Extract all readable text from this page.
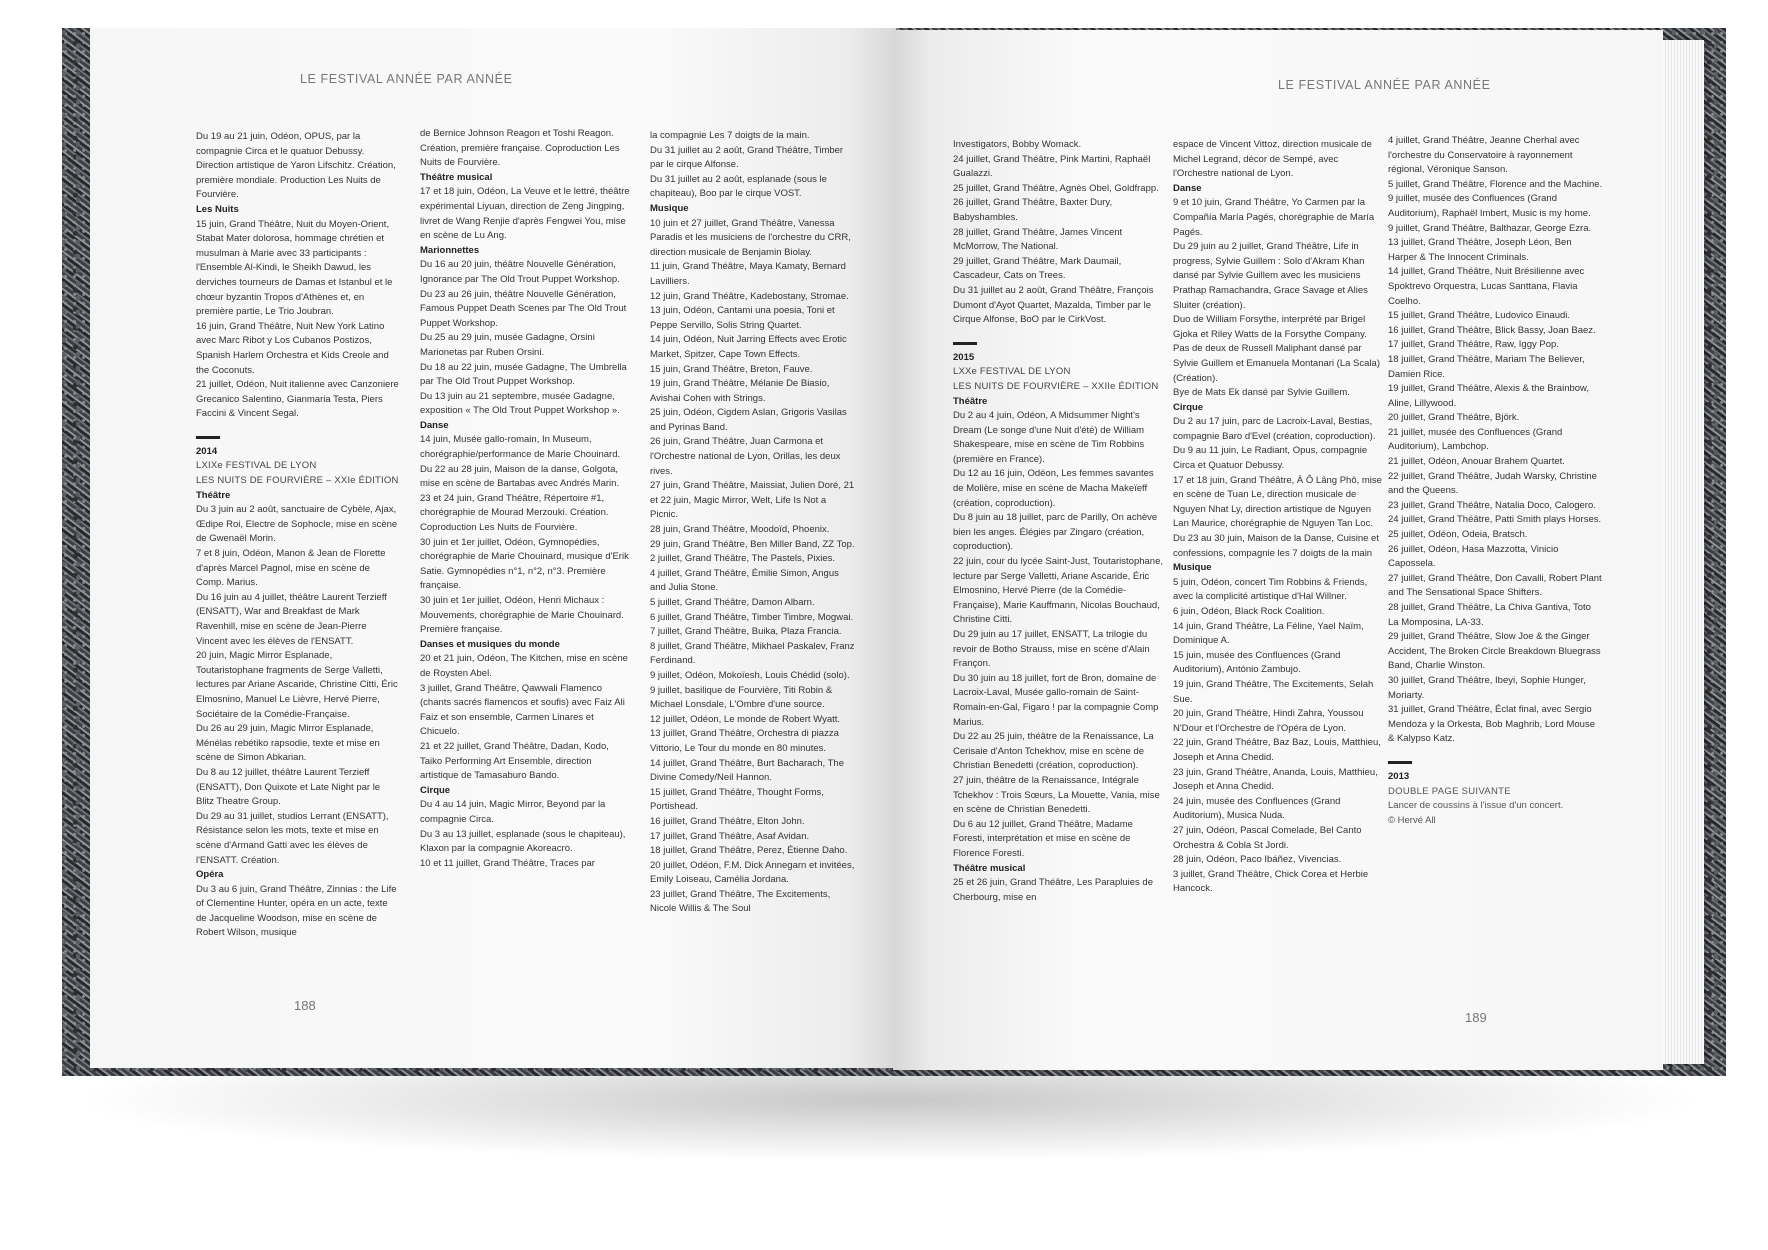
LE FESTIVAL ANNÉE PAR ANNÉE
Du 19 au 21 juin, Odéon, OPUS, par la compagnie Circa et le quatuor Debussy. Direction artistique de Yaron Lifschitz. Création, première mondiale. Production Les Nuits de Fourvière.
Les Nuits
15 juin, Grand Théâtre, Nuit du Moyen-Orient, Stabat Mater dolorosa, hommage chrétien et musulman à Marie avec 33 participants : l'Ensemble Al-Kindi, le Sheikh Dawud, les derviches tourneurs de Damas et Istanbul et le chœur byzantin Tropos d'Athènes et, en première partie, Le Trio Joubran.
16 juin, Grand Théâtre, Nuit New York Latino avec Marc Ribot y Los Cubanos Postizos, Spanish Harlem Orchestra et Kids Creole and the Coconuts.
21 juillet, Odéon, Nuit italienne avec Canzoniere Grecanico Salentino, Gianmaria Testa, Piers Faccini & Vincent Segal.
2014
LXIXe FESTIVAL DE LYON
LES NUITS DE FOURVIÈRE – XXIe ÉDITION
Théâtre
Du 3 juin au 2 août, sanctuaire de Cybèle, Ajax, Œdipe Roi, Electre de Sophocle, mise en scène de Gwenaël Morin.
7 et 8 juin, Odéon, Manon & Jean de Florette d'après Marcel Pagnol, mise en scène de Comp. Marius.
Du 16 juin au 4 juillet, théâtre Laurent Terzieff (ENSATT), War and Breakfast de Mark Ravenhill, mise en scène de Jean-Pierre Vincent avec les élèves de l'ENSATT.
20 juin, Magic Mirror Esplanade, Toutaristophane fragments de Serge Valletti, lectures par Ariane Ascaride, Christine Citti, Éric Elmosnino, Manuel Le Lièvre, Hervé Pierre, Sociétaire de la Comédie-Française.
Du 26 au 29 juin, Magic Mirror Esplanade, Ménélas rebétiko rapsodie, texte et mise en scène de Simon Abkarian.
Du 8 au 12 juillet, théâtre Laurent Terzieff (ENSATT), Don Quixote et Late Night par le Blitz Theatre Group.
Du 29 au 31 juillet, studios Lerrant (ENSATT), Résistance selon les mots, texte et mise en scène d'Armand Gatti avec les élèves de l'ENSATT. Création.
Opéra
Du 3 au 6 juin, Grand Théâtre, Zinnias : the Life of Clementine Hunter, opéra en un acte, texte de Jacqueline Woodson, mise en scène de Robert Wilson, musique
de Bernice Johnson Reagon et Toshi Reagon. Création, première française. Coproduction Les Nuits de Fourvière.
Théâtre musical
17 et 18 juin, Odéon, La Veuve et le lettré, théâtre expérimental Liyuan, direction de Zeng Jingping, livret de Wang Renjie d'après Fengwei You, mise en scène de Lu Ang.
Marionnettes
Du 16 au 20 juin, théâtre Nouvelle Génération, Ignorance par The Old Trout Puppet Workshop.
Du 23 au 26 juin, théâtre Nouvelle Génération, Famous Puppet Death Scenes par The Old Trout Puppet Workshop.
Du 25 au 29 juin, musée Gadagne, Orsini Marionetas par Ruben Orsini.
Du 18 au 22 juin, musée Gadagne, The Umbrella par The Old Trout Puppet Workshop.
Du 13 juin au 21 septembre, musée Gadagne, exposition « The Old Trout Puppet Workshop ».
Danse
14 juin, Musée gallo-romain, In Museum, chorégraphie/performance de Marie Chouinard.
Du 22 au 28 juin, Maison de la danse, Golgota, mise en scène de Bartabas avec Andrés Marin.
23 et 24 juin, Grand Théâtre, Répertoire #1, chorégraphie de Mourad Merzouki. Création. Coproduction Les Nuits de Fourvière.
30 juin et 1er juillet, Odéon, Gymnopédies, chorégraphie de Marie Chouinard, musique d'Erik Satie. Gymnopédies n°1, n°2, n°3. Première française.
30 juin et 1er juillet, Odéon, Henri Michaux : Mouvements, chorégraphie de Marie Chouinard. Première française.
Danses et musiques du monde
20 et 21 juin, Odéon, The Kitchen, mise en scène de Roysten Abel.
3 juillet, Grand Théâtre, Qawwali Flamenco (chants sacrés flamencos et soufis) avec Faiz Ali Faiz et son ensemble, Carmen Linares et Chicuelo.
21 et 22 juillet, Grand Théâtre, Dadan, Kodo, Taiko Performing Art Ensemble, direction artistique de Tamasaburo Bando.
Cirque
Du 4 au 14 juin, Magic Mirror, Beyond par la compagnie Circa.
Du 3 au 13 juillet, esplanade (sous le chapiteau), Klaxon par la compagnie Akoreacro.
10 et 11 juillet, Grand Théâtre, Traces par
la compagnie Les 7 doigts de la main.
Du 31 juillet au 2 août, Grand Théâtre, Timber par le cirque Alfonse.
Du 31 juillet au 2 août, esplanade (sous le chapiteau), Boo par le cirque VOST.
Musique
10 juin et 27 juillet, Grand Théâtre, Vanessa Paradis et les musiciens de l'orchestre du CRR, direction musicale de Benjamin Biolay.
11 juin, Grand Théâtre, Maya Kamaty, Bernard Lavilliers.
12 juin, Grand Théâtre, Kadebostany, Stromae.
13 juin, Odéon, Cantami una poesia, Toni et Peppe Servillo, Solis String Quartet.
14 juin, Odéon, Nuit Jarring Effects avec Erotic Market, Spitzer, Cape Town Effects.
15 juin, Grand Théâtre, Breton, Fauve.
19 juin, Grand Théâtre, Mélanie De Biasio, Avishai Cohen with Strings.
25 juin, Odéon, Cigdem Aslan, Grigoris Vasilas and Pyrinas Band.
26 juin, Grand Théâtre, Juan Carmona et l'Orchestre national de Lyon, Orillas, les deux rives.
27 juin, Grand Théâtre, Maissiat, Julien Doré, 21 et 22 juin, Magic Mirror, Welt, Life Is Not a Picnic.
28 juin, Grand Théâtre, Moodoïd, Phoenix.
29 juin, Grand Théâtre, Ben Miller Band, ZZ Top.
2 juillet, Grand Théâtre, The Pastels, Pixies.
4 juillet, Grand Théâtre, Émilie Simon, Angus and Julia Stone.
5 juillet, Grand Théâtre, Damon Albarn.
6 juillet, Grand Théâtre, Timber Timbre, Mogwai.
7 juillet, Grand Théâtre, Buika, Plaza Francia.
8 juillet, Grand Théâtre, Mikhael Paskalev, Franz Ferdinand.
9 juillet, Odéon, Mokoïesh, Louis Chédid (solo).
9 juillet, basilique de Fourvière, Titi Robin & Michael Lonsdale, L'Ombre d'une source.
12 juillet, Odéon, Le monde de Robert Wyatt.
13 juillet, Grand Théâtre, Orchestra di piazza Vittorio, Le Tour du monde en 80 minutes.
14 juillet, Grand Théâtre, Burt Bacharach, The Divine Comedy/Neil Hannon.
15 juillet, Grand Théâtre, Thought Forms, Portishead.
16 juillet, Grand Théâtre, Elton John.
17 juillet, Grand Théâtre, Asaf Avidan.
18 juillet, Grand Théâtre, Perez, Étienne Daho.
20 juillet, Odéon, F.M. Dick Annegarn et invitées, Emily Loiseau, Camélia Jordana.
23 juillet, Grand Théâtre, The Excitements, Nicole Willis & The Soul
188
LE FESTIVAL ANNÉE PAR ANNÉE
Investigators, Bobby Womack.
24 juillet, Grand Théâtre, Pink Martini, Raphaël Gualazzi.
25 juillet, Grand Théâtre, Agnès Obel, Goldfrapp.
26 juillet, Grand Théâtre, Baxter Dury, Babyshambles.
28 juillet, Grand Théâtre, James Vincent McMorrow, The National.
29 juillet, Grand Théâtre, Mark Daumail, Cascadeur, Cats on Trees.
Du 31 juillet au 2 août, Grand Théâtre, François Dumont d'Ayot Quartet, Mazalda, Timber par le Cirque Alfonse, BoO par le CirkVost.
2015
LXXe FESTIVAL DE LYON
LES NUITS DE FOURVIÈRE – XXIIe ÉDITION
Théâtre
Du 2 au 4 juin, Odéon, A Midsummer Night's Dream (Le songe d'une Nuit d'été) de William Shakespeare, mise en scène de Tim Robbins (première en France).
Du 12 au 16 juin, Odéon, Les femmes savantes de Molière, mise en scène de Macha Makeïeff (création, coproduction).
Du 8 juin au 18 juillet, parc de Parilly, On achève bien les anges. Élégies par Zingaro (création, coproduction).
22 juin, cour du lycée Saint-Just, Toutaristophane, lecture par Serge Valletti, Ariane Ascaride, Éric Elmosnino, Hervé Pierre (de la Comédie-Française), Marie Kauffmann, Nicolas Bouchaud, Christine Citti.
Du 29 juin au 17 juillet, ENSATT, La trilogie du revoir de Botho Strauss, mise en scène d'Alain Françon.
Du 30 juin au 18 juillet, fort de Bron, domaine de Lacroix-Laval, Musée gallo-romain de Saint-Romain-en-Gal, Figaro ! par la compagnie Comp Marius.
Du 22 au 25 juin, théâtre de la Renaissance, La Cerisaie d'Anton Tchekhov, mise en scène de Christian Benedetti (création, coproduction).
27 juin, théâtre de la Renaissance, Intégrale Tchekhov : Trois Sœurs, La Mouette, Vania, mise en scène de Christian Benedetti.
Du 6 au 12 juillet, Grand Théâtre, Madame Foresti, interprétation et mise en scène de Florence Foresti.
Théâtre musical
25 et 26 juin, Grand Théâtre, Les Parapluies de Cherbourg, mise en
espace de Vincent Vittoz, direction musicale de Michel Legrand, décor de Sempé, avec l'Orchestre national de Lyon.
Danse
9 et 10 juin, Grand Théâtre, Yo Carmen par la Compañía María Pagés, chorégraphie de María Pagés.
Du 29 juin au 2 juillet, Grand Théâtre, Life in progress, Sylvie Guillem : Solo d'Akram Khan dansé par Sylvie Guillem avec les musiciens Prathap Ramachandra, Grace Savage et Alies Sluiter (création).
Duo de William Forsythe, interprété par Brigel Gjoka et Riley Watts de la Forsythe Company.
Pas de deux de Russell Maliphant dansé par Sylvie Guillem et Emanuela Montanari (La Scala) (Création).
Bye de Mats Ek dansé par Sylvie Guillem.
Cirque
Du 2 au 17 juin, parc de Lacroix-Laval, Bestias, compagnie Baro d'Evel (création, coproduction).
Du 9 au 11 juin, Le Radiant, Opus, compagnie Circa et Quatuor Debussy.
17 et 18 juin, Grand Théâtre, À Ô Lâng Phô, mise en scène de Tuan Le, direction musicale de Nguyen Nhat Ly, direction artistique de Nguyen Lan Maurice, chorégraphie de Nguyen Tan Loc.
Du 23 au 30 juin, Maison de la Danse, Cuisine et confessions, compagnie les 7 doigts de la main
Musique
5 juin, Odéon, concert Tim Robbins & Friends, avec la complicité artistique d'Hal Willner.
6 juin, Odéon, Black Rock Coalition.
14 juin, Grand Théâtre, La Féline, Yael Naïm, Dominique A.
15 juin, musée des Confluences (Grand Auditorium), António Zambujo.
19 juin, Grand Théâtre, The Excitements, Selah Sue.
20 juin, Grand Théâtre, Hindi Zahra, Youssou N'Dour et l'Orchestre de l'Opéra de Lyon.
22 juin, Grand Théâtre, Baz Baz, Louis, Matthieu, Joseph et Anna Chedid.
23 juin, Grand Théâtre, Ananda, Louis, Matthieu, Joseph et Anna Chedid.
24 juin, musée des Confluences (Grand Auditorium), Musica Nuda.
27 juin, Odéon, Pascal Comelade, Bel Canto Orchestra & Cobla St Jordi.
28 juin, Odéon, Paco Ibáñez, Vivencias.
3 juillet, Grand Théâtre, Chick Corea et Herbie Hancock.
4 juillet, Grand Théâtre, Jeanne Cherhal avec l'orchestre du Conservatoire à rayonnement régional, Véronique Sanson.
5 juillet, Grand Théâtre, Florence and the Machine.
9 juillet, musée des Confluences (Grand Auditorium), Raphaël Imbert, Music is my home.
9 juillet, Grand Théâtre, Balthazar, George Ezra.
13 juillet, Grand Théâtre, Joseph Léon, Ben Harper & The Innocent Criminals.
14 juillet, Grand Théâtre, Nuit Brésilienne avec Spoktrevo Orquestra, Lucas Santtana, Flavia Coelho.
15 juillet, Grand Théâtre, Ludovico Einaudi.
16 juillet, Grand Théâtre, Blick Bassy, Joan Baez.
17 juillet, Grand Théâtre, Raw, Iggy Pop.
18 juillet, Grand Théâtre, Mariam The Believer, Damien Rice.
19 juillet, Grand Théâtre, Alexis & the Brainbow, Aline, Lillywood.
20 juillet, Grand Théâtre, Björk.
21 juillet, musée des Confluences (Grand Auditorium), Lambchop.
21 juillet, Odéon, Anouar Brahem Quartet.
22 juillet, Grand Théâtre, Judah Warsky, Christine and the Queens.
23 juillet, Grand Théâtre, Natalia Doco, Calogero.
24 juillet, Grand Théâtre, Patti Smith plays Horses.
25 juillet, Odéon, Odeia, Bratsch.
26 juillet, Odéon, Hasa Mazzotta, Vinicio Capossela.
27 juillet, Grand Théâtre, Don Cavalli, Robert Plant and The Sensational Space Shifters.
28 juillet, Grand Théâtre, La Chiva Gantiva, Toto La Momposina, LA-33.
29 juillet, Grand Théâtre, Slow Joe & the Ginger Accident, The Broken Circle Breakdown Bluegrass Band, Charlie Winston.
30 juillet, Grand Théâtre, Ibeyi, Sophie Hunger, Moriarty.
31 juillet, Grand Théâtre, Éclat final, avec Sergio Mendoza y la Orkesta, Bob Maghrib, Lord Mouse & Kalypso Katz.
2013
DOUBLE PAGE SUIVANTE
Lancer de coussins à l'issue d'un concert.
© Hervé All
189
